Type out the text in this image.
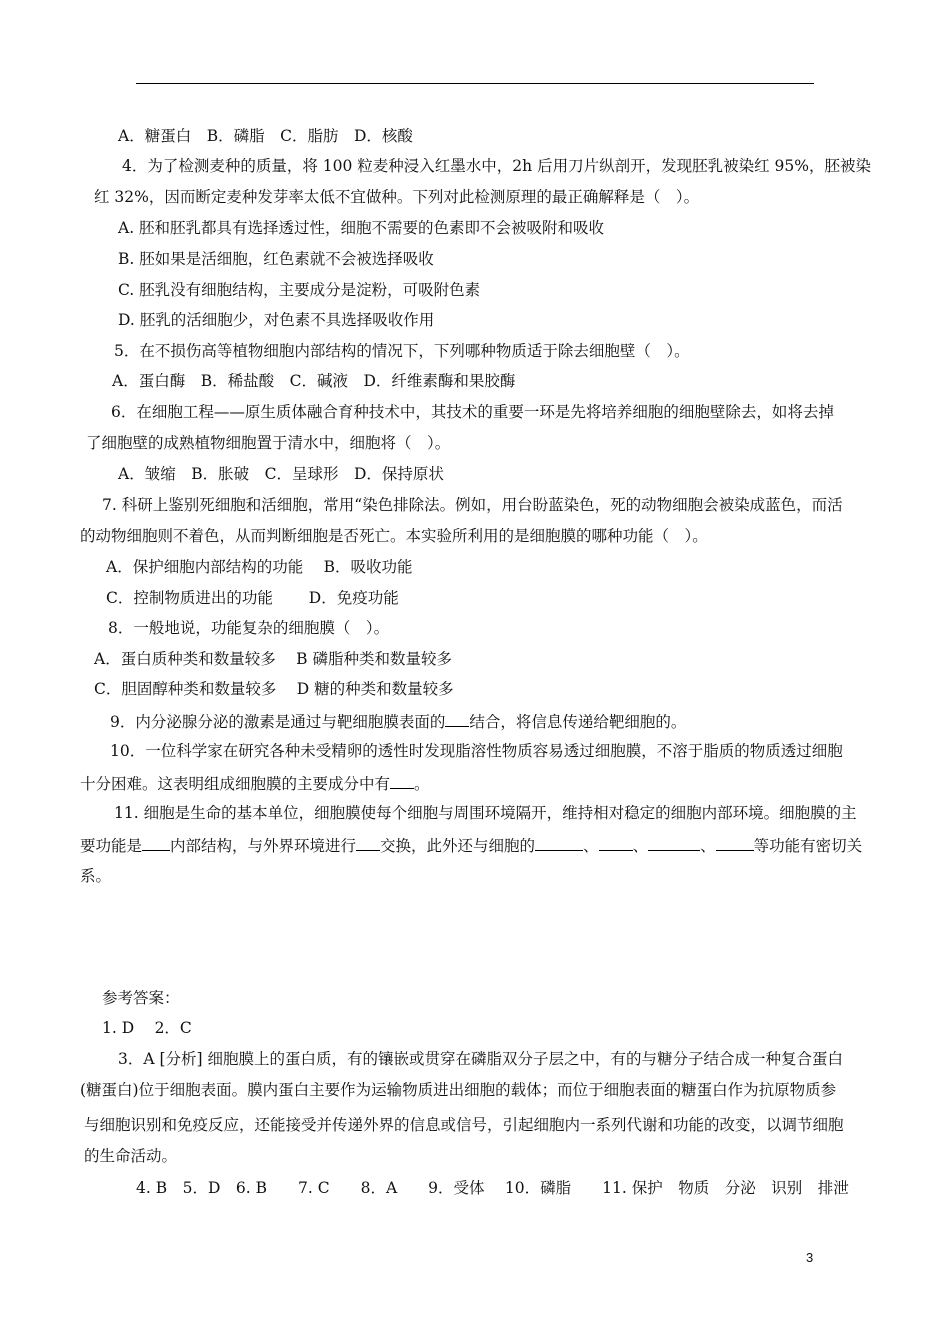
A．糖蛋白　B．磷脂　C．脂肪　D．核酸
4．为了检测麦种的质量，将 100 粒麦种浸入红墨水中，2h 后用刀片纵剖开，发现胚乳被染红 95%，胚被染
红 32%，因而断定麦种发芽率太低不宜做种。下列对此检测原理的最正确解释是（　）。
A. 胚和胚乳都具有选择透过性，细胞不需要的色素即不会被吸附和吸收
B. 胚如果是活细胞，红色素就不会被选择吸收
C. 胚乳没有细胞结构，主要成分是淀粉，可吸附色素
D. 胚乳的活细胞少，对色素不具选择吸收作用
5．在不损伤高等植物细胞内部结构的情况下，下列哪种物质适于除去细胞壁（　）。
A．蛋白酶　B．稀盐酸　C．碱液　D．纤维素酶和果胶酶
6．在细胞工程——原生质体融合育种技术中，其技术的重要一环是先将培养细胞的细胞壁除去，如将去掉
了细胞壁的成熟植物细胞置于清水中，细胞将（　）。
A．皱缩　B．胀破　C．呈球形　D．保持原状
7. 科研上鉴别死细胞和活细胞，常用“染色排除法。例如，用台盼蓝染色，死的动物细胞会被染成蓝色，而活
的动物细胞则不着色，从而判断细胞是否死亡。本实验所利用的是细胞膜的哪种功能（　）。
A．保护细胞内部结构的功能　 B．吸收功能
C．控制物质进出的功能　　 D．免疫功能
8．一般地说，功能复杂的细胞膜（　）。
A．蛋白质种类和数量较多　 B 磷脂种类和数量较多
C．胆固醇种类和数量较多　 D 糖的种类和数量较多
9．内分泌腺分泌的激素是通过与靶细胞膜表面的 结合，将信息传递给靶细胞的。
10．一位科学家在研究各种未受精卵的透性时发现脂溶性物质容易透过细胞膜，不溶于脂质的物质透过细胞
十分困难。这表明组成细胞膜的主要成分中有 。
11. 细胞是生命的基本单位，细胞膜使每个细胞与周围环境隔开，维持相对稳定的细胞内部环境。细胞膜的主
要功能是 内部结构，与外界环境进行 交换，此外还与细胞的	、 、	、 等功能有密切关
系。
参考答案：
1. D　 2．C
3．A [分析] 细胞膜上的蛋白质，有的镶嵌或贯穿在磷脂双分子层之中，有的与糖分子结合成一种复合蛋白
(糖蛋白)位于细胞表面。膜内蛋白主要作为运输物质进出细胞的载体；而位于细胞表面的糖蛋白作为抗原物质参
与细胞识别和免疫反应，还能接受并传递外界的信息或信号，引起细胞内一系列代谢和功能的改变，以调节细胞
的生命活动。
4. B　5．D　6. B　　7. C　　8．A　　9．受体　 10．磷脂　　11. 保护　物质　分泌　识别　排泄
3
